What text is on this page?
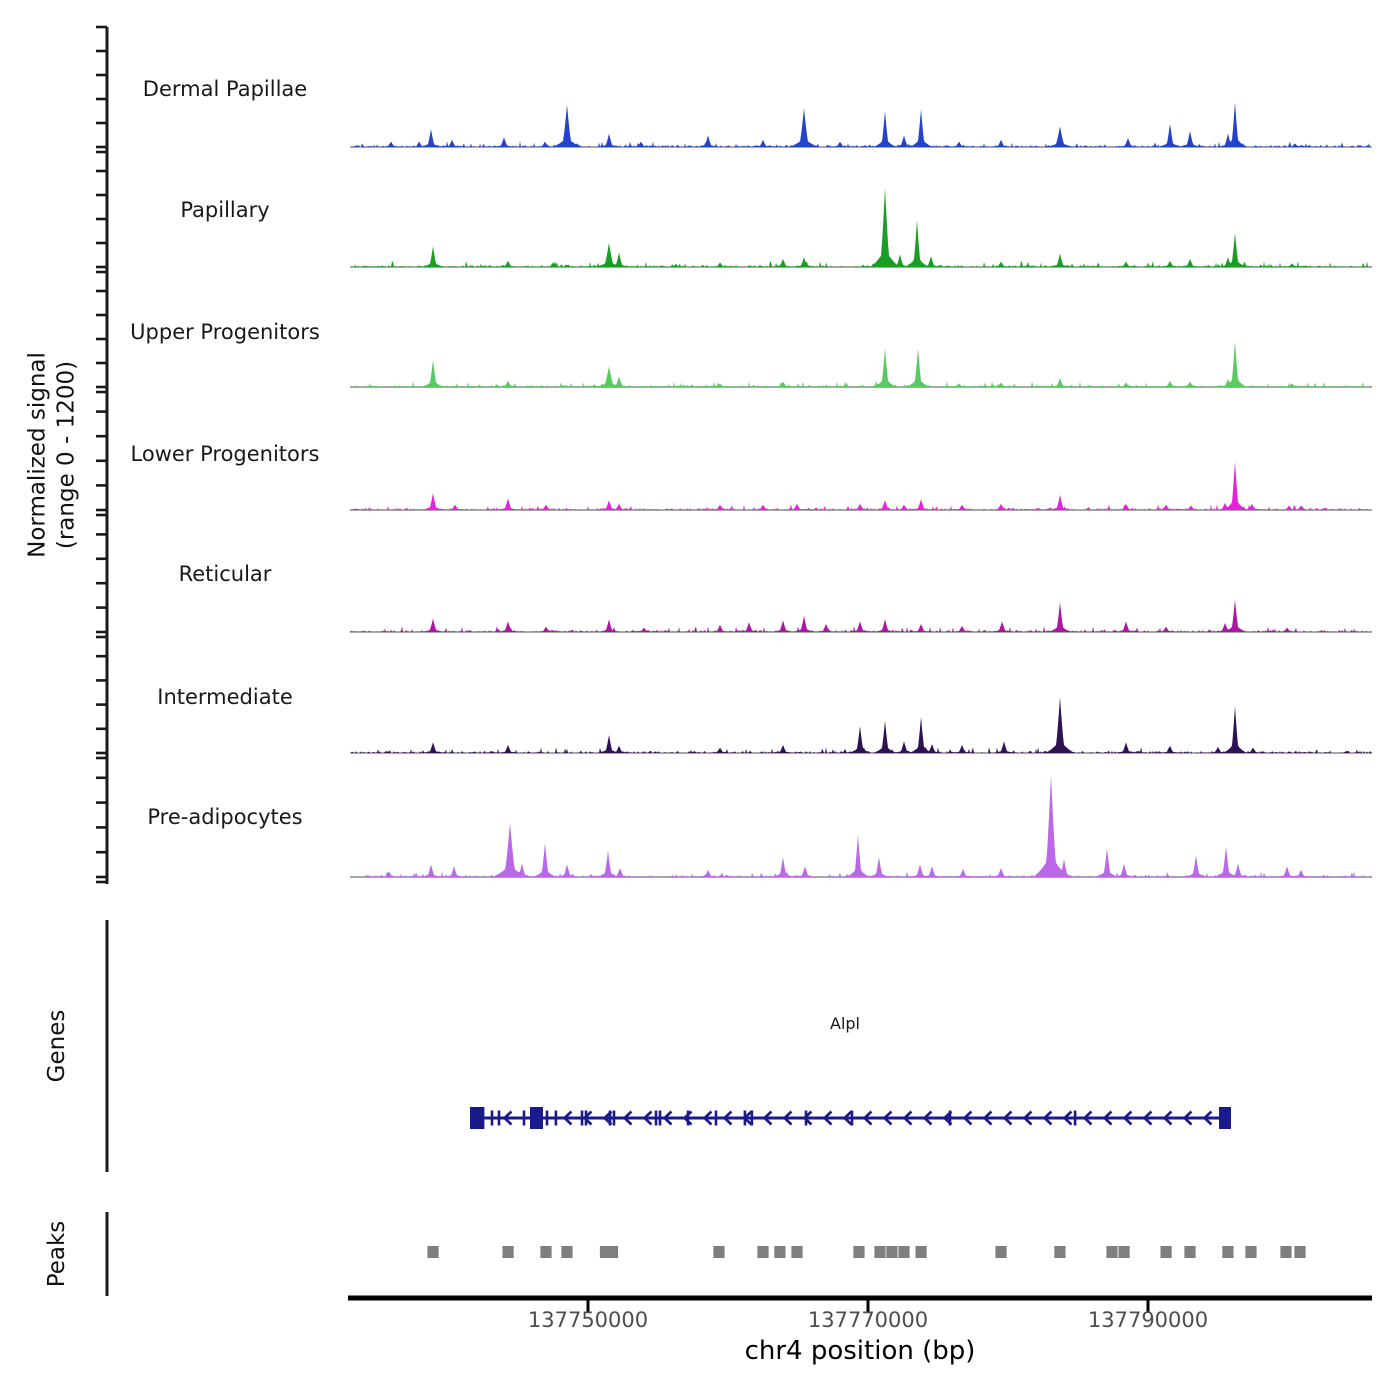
Normalized signal (range 0 - 1200)
Dermal Papillae
Papillary
Upper Progenitors
Lower Progenitors
Reticular
Intermediate
Pre-adipocytes
Genes
Peaks
Alpl
137750000	137770000	137790000
chr4 position (bp)
